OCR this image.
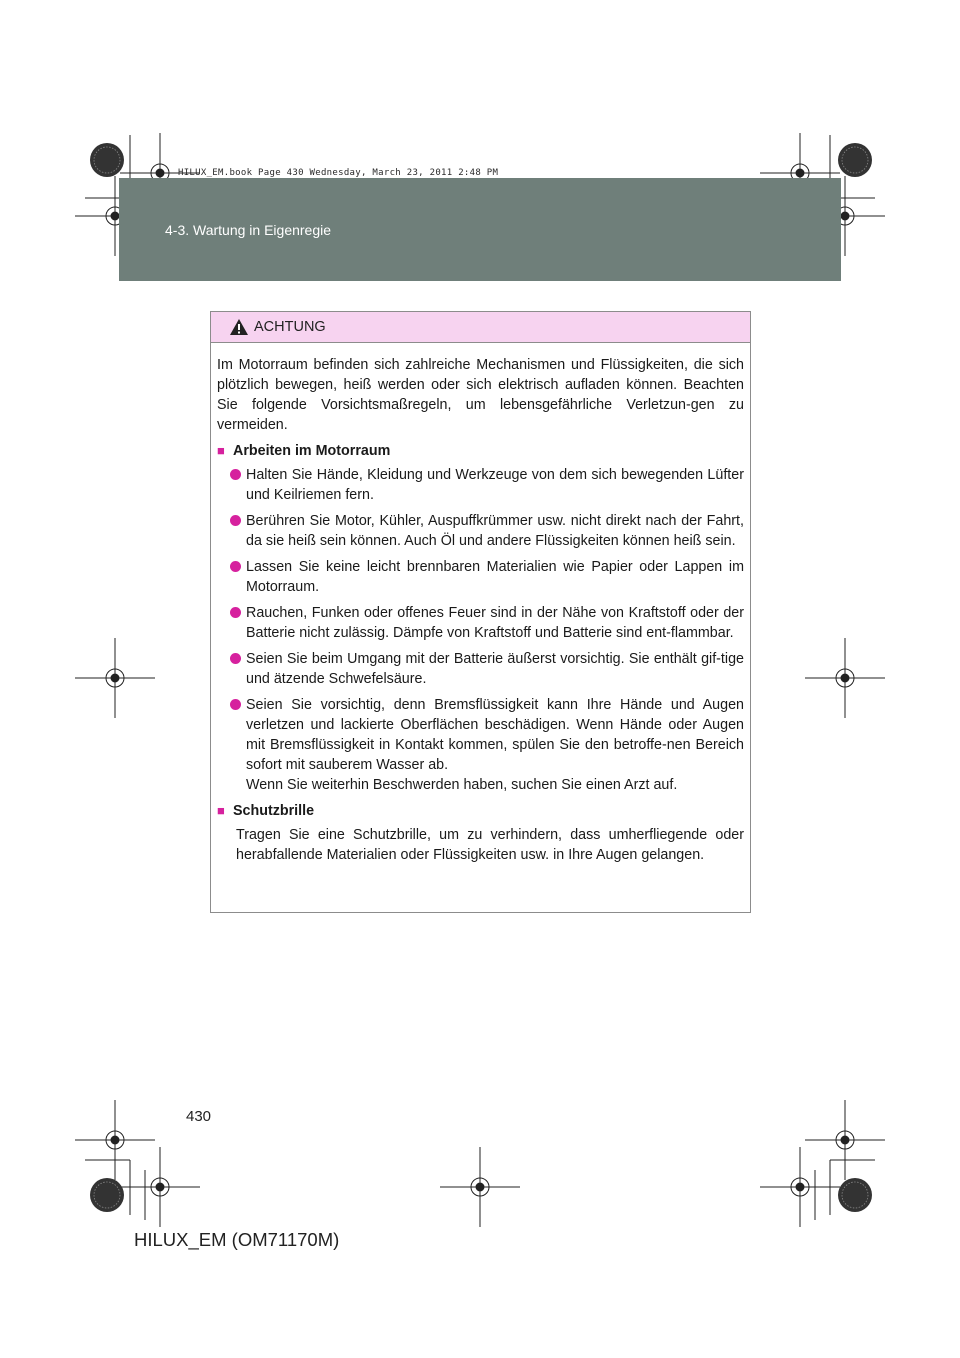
4-3. Wartung in Eigenregie
HILUX_EM.book Page 430 Wednesday, March 23, 2011 2:48 PM
ACHTUNG

Im Motorraum befinden sich zahlreiche Mechanismen und Flüssigkeiten, die sich plötzlich bewegen, heiß werden oder sich elektrisch aufladen können. Beachten Sie folgende Vorsichtsmaßregeln, um lebensgefährliche Verletzun-gen zu vermeiden.

■ Arbeiten im Motorraum
Halten Sie Hände, Kleidung und Werkzeuge von dem sich bewegenden Lüfter und Keilriemen fern.
Berühren Sie Motor, Kühler, Auspuffkrümmer usw. nicht direkt nach der Fahrt, da sie heiß sein können. Auch Öl und andere Flüssigkeiten können heiß sein.
Lassen Sie keine leicht brennbaren Materialien wie Papier oder Lappen im Motorraum.
Rauchen, Funken oder offenes Feuer sind in der Nähe von Kraftstoff oder der Batterie nicht zulässig. Dämpfe von Kraftstoff und Batterie sind ent-flammbar.
Seien Sie beim Umgang mit der Batterie äußerst vorsichtig. Sie enthält gif-tige und ätzende Schwefelsäure.
Seien Sie vorsichtig, denn Bremsflüssigkeit kann Ihre Hände und Augen verletzen und lackierte Oberflächen beschädigen. Wenn Hände oder Augen mit Bremsflüssigkeit in Kontakt kommen, spülen Sie den betroffe-nen Bereich sofort mit sauberem Wasser ab.
Wenn Sie weiterhin Beschwerden haben, suchen Sie einen Arzt auf.
■ Schutzbrille

Tragen Sie eine Schutzbrille, um zu verhindern, dass umherfliegende oder herabfallende Materialien oder Flüssigkeiten usw. in Ihre Augen gelangen.

430
HILUX_EM (OM71170M)
